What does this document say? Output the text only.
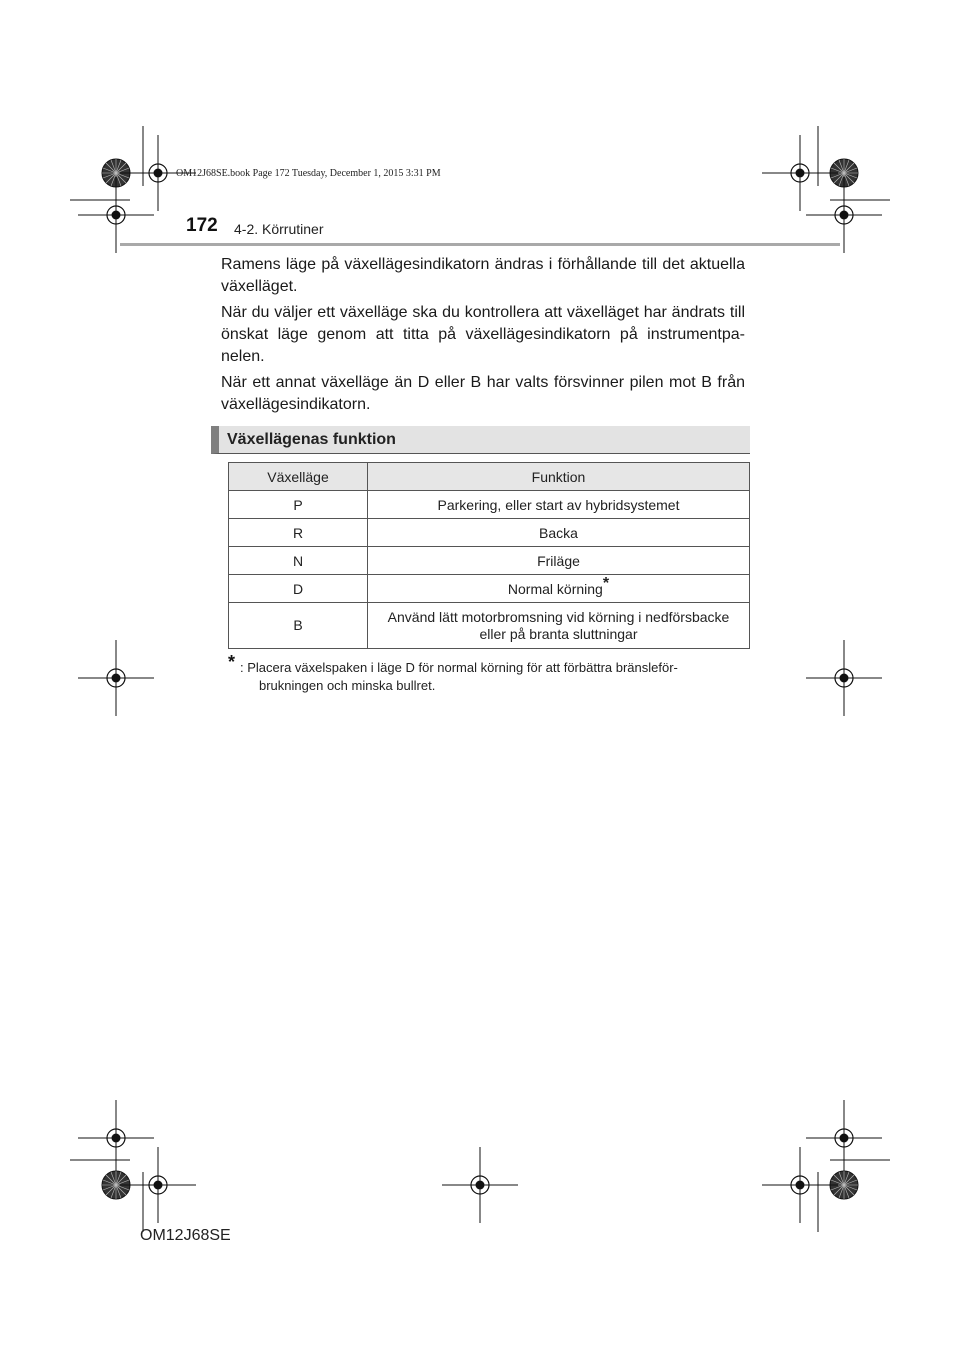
OM12J68SE.book Page 172 Tuesday, December 1, 2015 3:31 PM
172 4-2. Körrutiner

Ramens läge på växellägesindikatorn ändras i förhållande till det aktuella växelläget.

När du väljer ett växelläge ska du kontrollera att växelläget har ändrats till önskat läge genom att titta på växellägesindikatorn på instrumentpa-nelen.

När ett annat växelläge än D eller B har valts försvinner pilen mot B från växellägesindikatorn.

Växellägenas funktion
Växelläge	Funktion
P	Parkering, eller start av hybridsystemet
R	Backa
N	Friläge
D	Normal körning*
B	Använd lätt motorbromsning vid körning i nedförsbacke
eller på branta sluttningar
* : Placera växelspaken i läge D för normal körning för att förbättra bränsleför-
brukningen och minska bullret.
OM12J68SE
